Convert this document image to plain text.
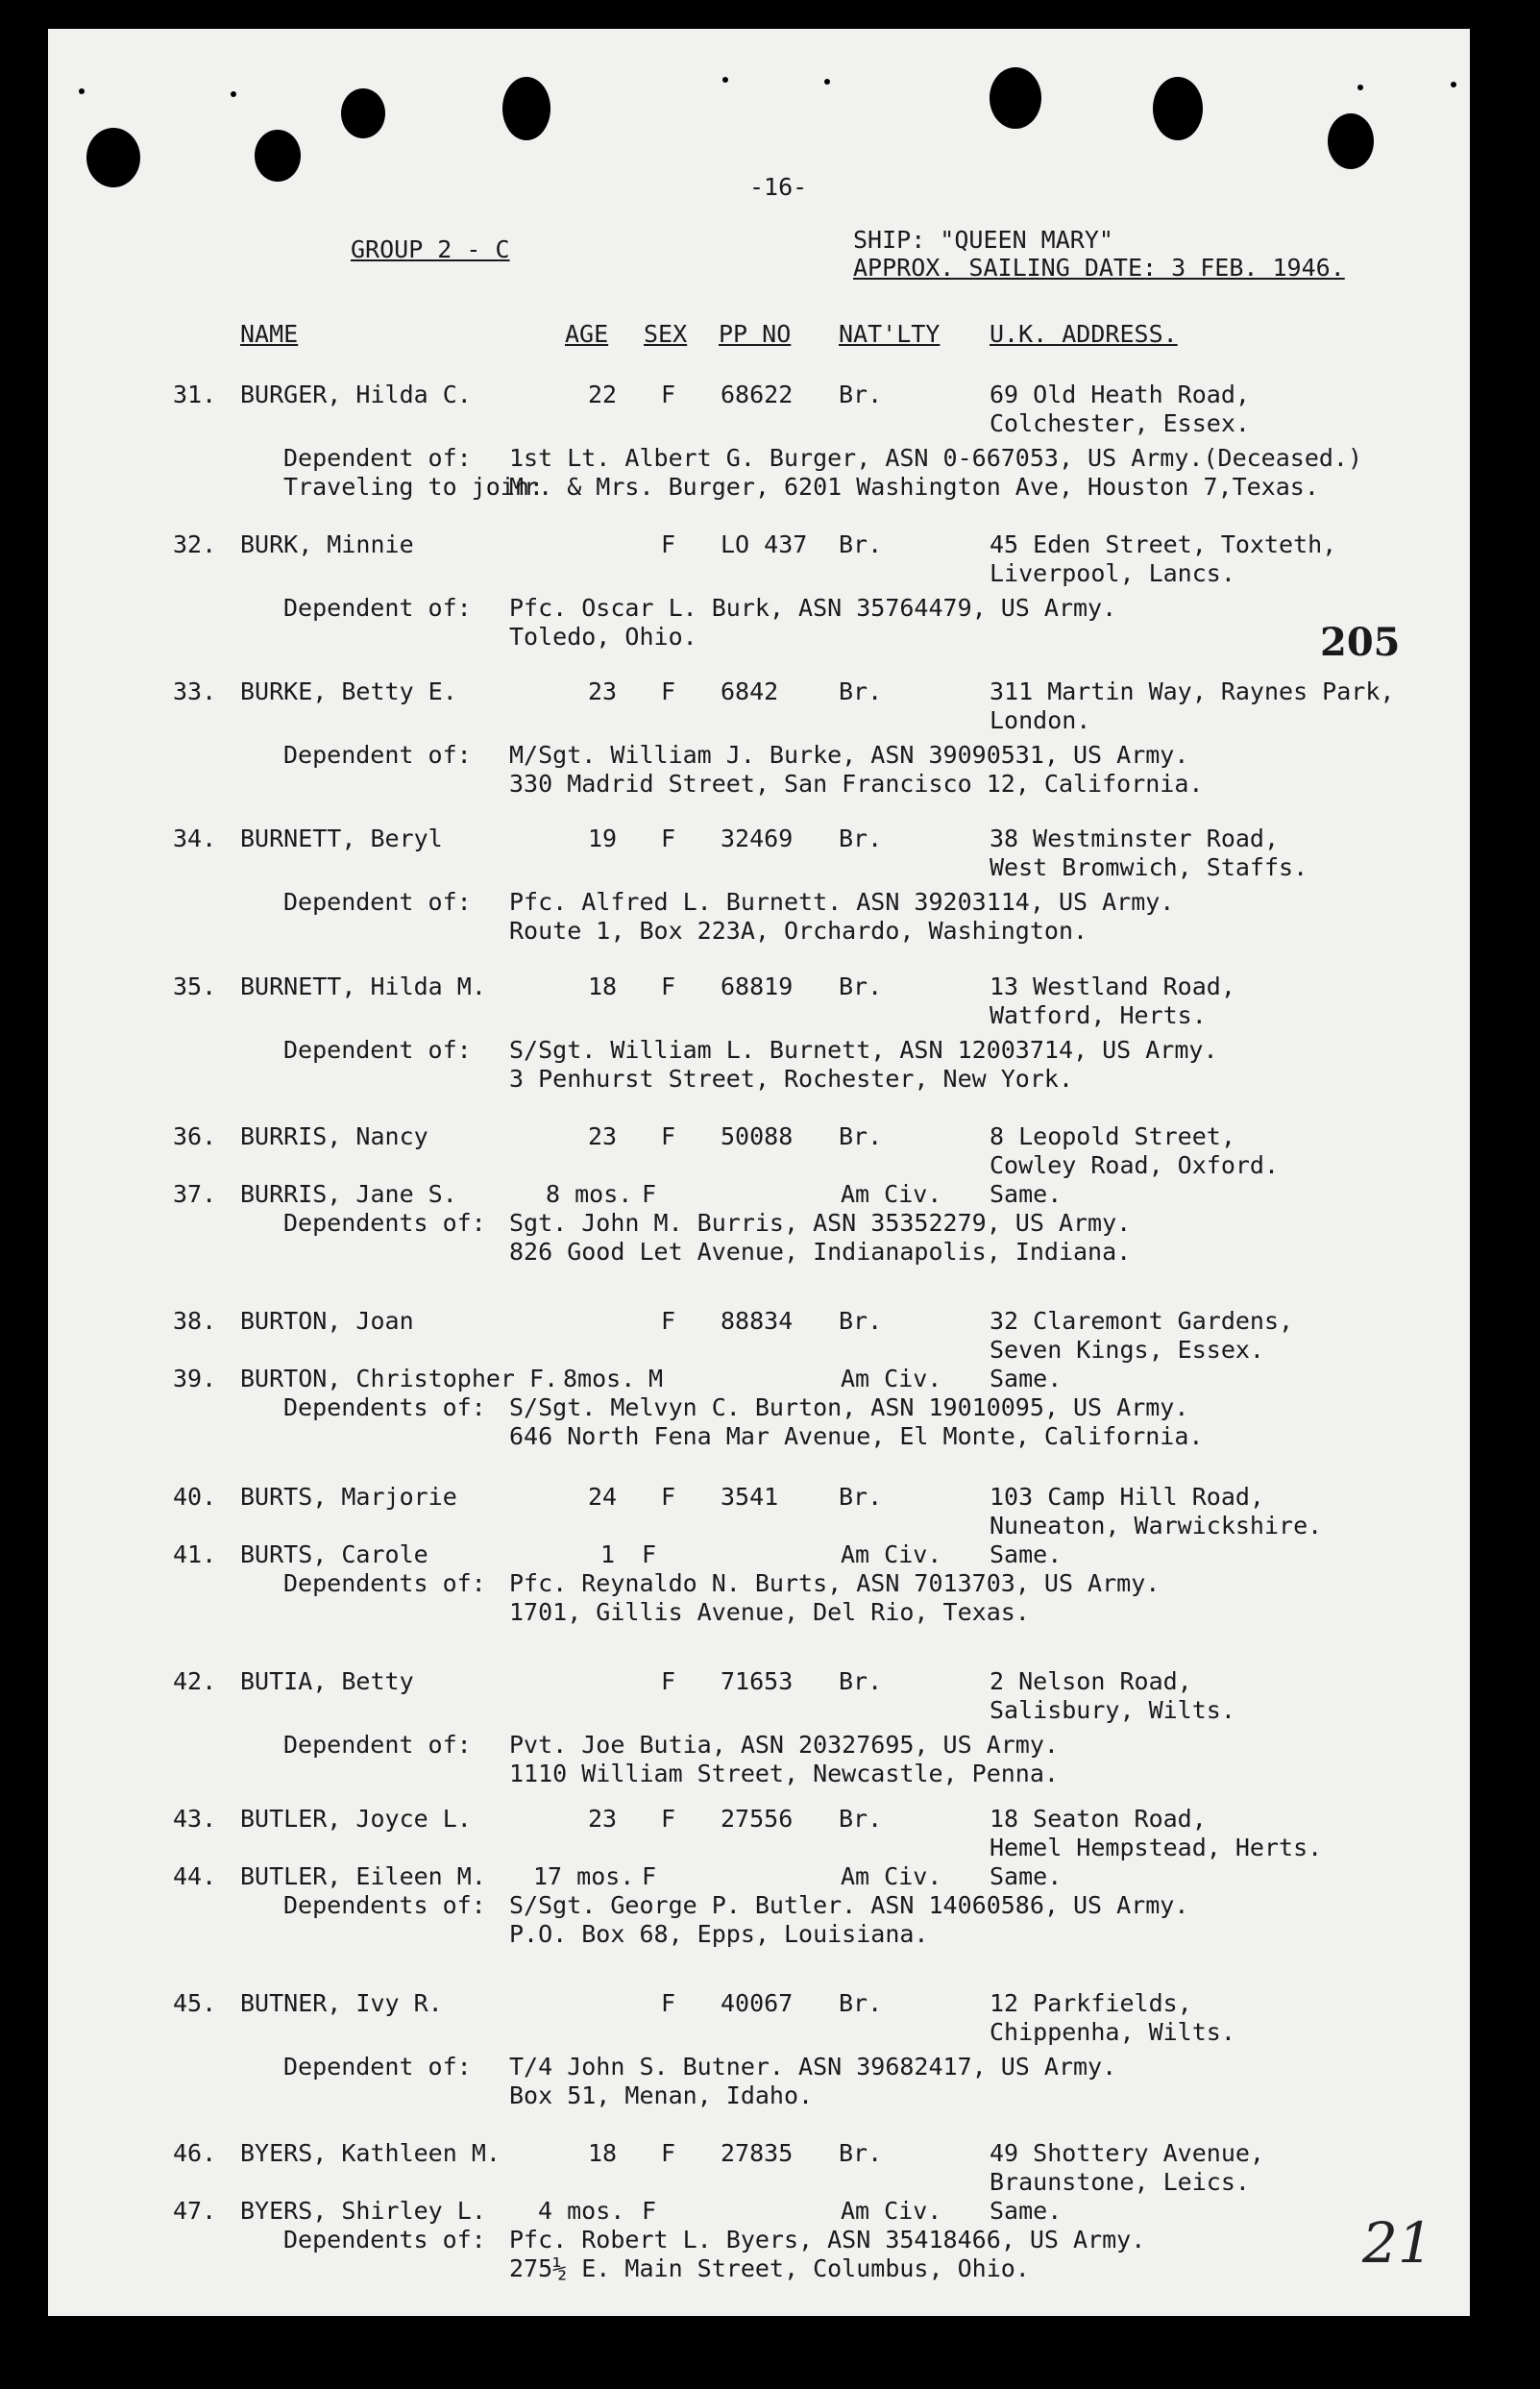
-16-
GROUP 2 - C	SHIP: "QUEEN MARY"
APPROX. SAILING DATE: 3 FEB. 1946.
NAME	AGE SEX PP NO NAT'LTY U.K. ADDRESS.
205
21
31. BURGER, Hilda C.	22 F 68622 Br.	69 Old Heath Road,
Colchester, Essex.
Dependent of: 1st Lt. Albert G. Burger, ASN 0-667053, US Army.(Deceased.)
Traveling to join:
Mr. & Mrs. Burger, 6201 Washington Ave, Houston 7,Texas.
32. BURK, Minnie	F LO 437 Br.	45 Eden Street, Toxteth,
Liverpool, Lancs.
Dependent of: Pfc. Oscar L. Burk, ASN 35764479, US Army.
Toledo, Ohio.
33. BURKE, Betty E.	23 F 6842	Br.	311 Martin Way, Raynes Park,
London.
Dependent of: M/Sgt. William J. Burke, ASN 39090531, US Army.
330 Madrid Street, San Francisco 12, California.
34. BURNETT, Beryl	19 F 32469 Br.	38 Westminster Road,
West Bromwich, Staffs.
Dependent of: Pfc. Alfred L. Burnett. ASN 39203114, US Army.
Route 1, Box 223A, Orchardo, Washington.
35. BURNETT, Hilda M.	18 F 68819 Br.	13 Westland Road,
Watford, Herts.
Dependent of: S/Sgt. William L. Burnett, ASN 12003714, US Army.
3 Penhurst Street, Rochester, New York.
36. BURRIS, Nancy	23 F 50088 Br.	8 Leopold Street,
Cowley Road, Oxford.
37. BURRIS, Jane S.	8 mos. F	Am Civ. Same.
Dependents of: Sgt. John M. Burris, ASN 35352279, US Army.
826 Good Let Avenue, Indianapolis, Indiana.
38. BURTON, Joan	F 88834 Br.	32 Claremont Gardens,
Seven Kings, Essex.
39. BURTON, Christopher F. 8mos. M	Am Civ. Same.
Dependents of: S/Sgt. Melvyn C. Burton, ASN 19010095, US Army.
646 North Fena Mar Avenue, El Monte, California.
40. BURTS, Marjorie	24 F 3541	Br.	103 Camp Hill Road,
Nuneaton, Warwickshire.
41. BURTS, Carole	1 F	Am Civ. Same.
Dependents of: Pfc. Reynaldo N. Burts, ASN 7013703, US Army.
1701, Gillis Avenue, Del Rio, Texas.
42. BUTIA, Betty	F 71653 Br.	2 Nelson Road,
Salisbury, Wilts.
Dependent of: Pvt. Joe Butia, ASN 20327695, US Army.
1110 William Street, Newcastle, Penna.
43. BUTLER, Joyce L.	23 F 27556 Br.	18 Seaton Road,
Hemel Hempstead, Herts.
44. BUTLER, Eileen M. 17 mos. F	Am Civ. Same.
Dependents of: S/Sgt. George P. Butler. ASN 14060586, US Army.
P.O. Box 68, Epps, Louisiana.
45. BUTNER, Ivy R.	F 40067 Br.	12 Parkfields,
Chippenha, Wilts.
Dependent of: T/4 John S. Butner. ASN 39682417, US Army.
Box 51, Menan, Idaho.
46. BYERS, Kathleen M.	18 F 27835 Br.	49 Shottery Avenue,
Braunstone, Leics.
47. BYERS, Shirley L. 4 mos. F	Am Civ. Same.
Dependents of: Pfc. Robert L. Byers, ASN 35418466, US Army.
275½ E. Main Street, Columbus, Ohio.
